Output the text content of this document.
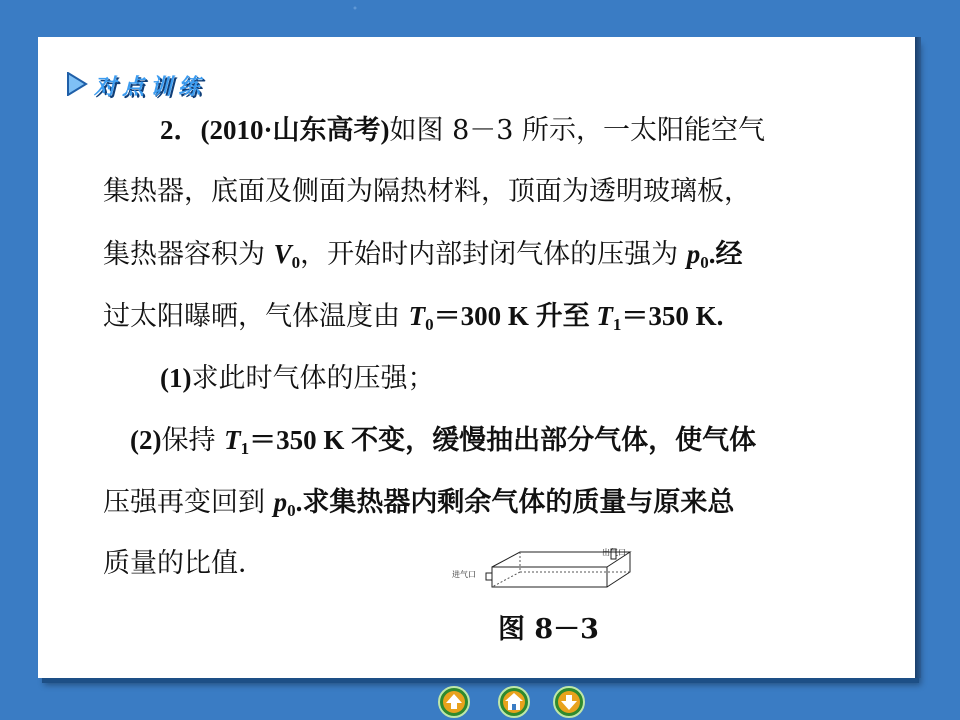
对点训练
2．(2010·山东高考)如图 8－3 所示，一太阳能空气
集热器，底面及侧面为隔热材料，顶面为透明玻璃板，
集热器容积为 $V_0$，开始时内部封闭气体的压强为 $p_0$.经
过太阳曝晒，气体温度由 $T_0=300$ K 升至 $T_1=350$ K.
(1)求此时气体的压强；
(2)保持 $T_1=350$ K 不变，缓慢抽出部分气体，使气体
压强再变回到 $p_0$.求集热器内剩余气体的质量与原来总
质量的比值．	进气口
出气口
图 8－3
